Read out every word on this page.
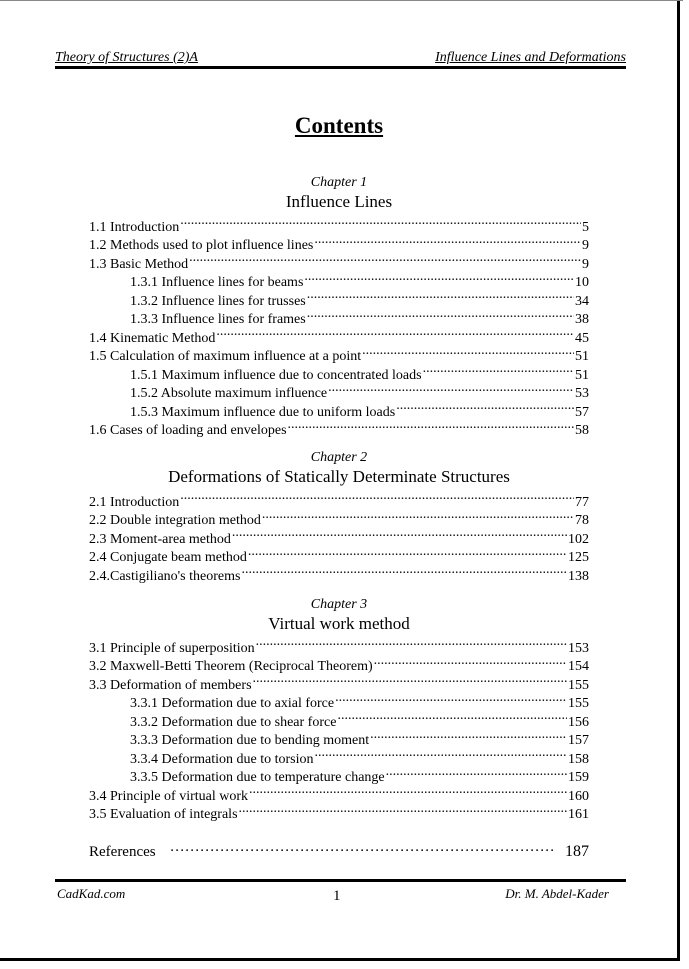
Theory of Structures (2)A	Influence Lines and Deformations
Contents
Chapter 1
Influence Lines
1.1 Introduction .....	5
1.2 Methods used to plot influence lines .....	9
1.3 Basic Method .....	9
1.3.1 Influence lines for beams .....	10
1.3.2 Influence lines for trusses .....	34
1.3.3 Influence lines for frames .....	38
1.4 Kinematic Method .....	45
1.5 Calculation of maximum influence at a point .....	51
1.5.1 Maximum influence due to concentrated loads .....	51
1.5.2 Absolute maximum influence .....	53
1.5.3 Maximum influence due to uniform loads .....	57
1.6 Cases of loading and envelopes .....	58
Chapter 2
Deformations of Statically Determinate Structures
2.1 Introduction .....	77
2.2 Double integration method .....	78
2.3 Moment-area method .....	102
2.4 Conjugate beam method .....	125
2.4.Castigiliano's theorems .....	138
Chapter 3
Virtual work method
3.1 Principle of superposition .....	153
3.2 Maxwell-Betti Theorem (Reciprocal Theorem) .....	154
3.3 Deformation of members .....	155
3.3.1 Deformation due to axial force .....	155
3.3.2 Deformation due to shear force .....	156
3.3.3 Deformation due to bending moment .....	157
3.3.4 Deformation due to torsion .....	158
3.3.5 Deformation due to temperature change .....	159
3.4 Principle of virtual work .....	160
3.5 Evaluation of integrals .....	161
References ……………………………………………………………………………………………………………	187
CadKad.com	1	Dr. M. Abdel-Kader
